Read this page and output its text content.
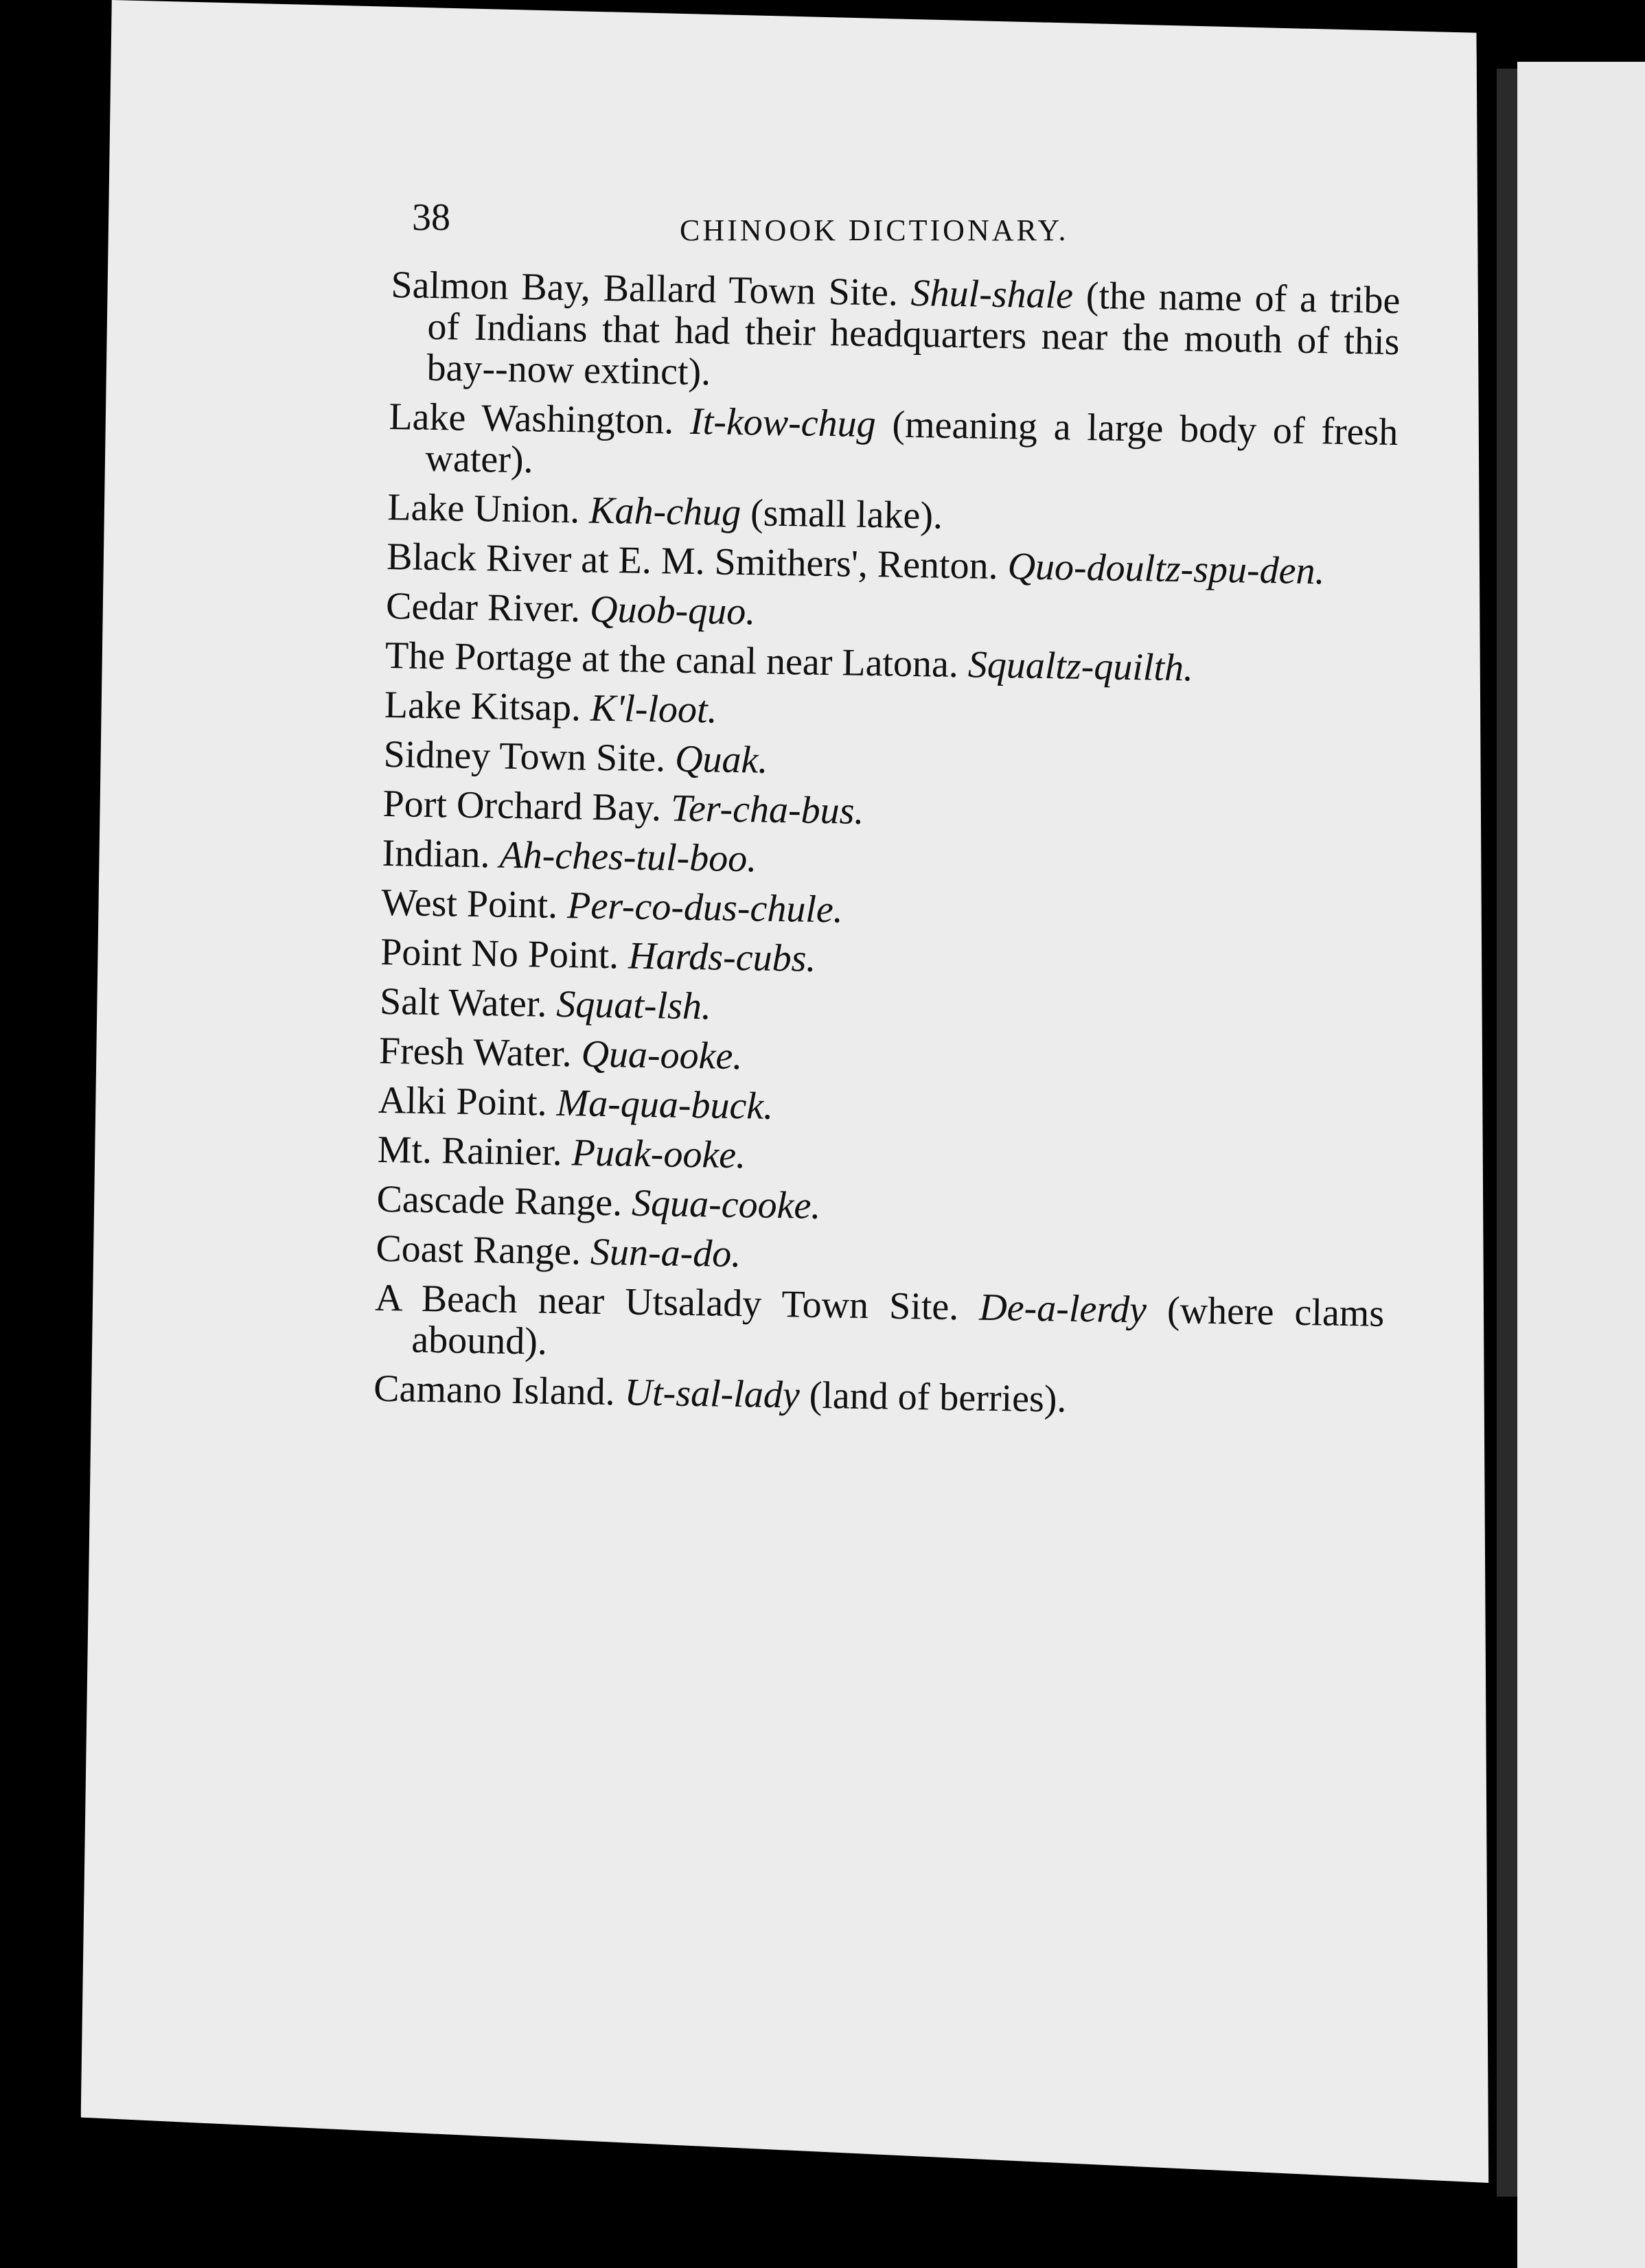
38	CHINOOK DICTIONARY.

Salmon Bay, Ballard Town Site. Shul-shale (the name of a tribe of Indians that had their headquarters near the mouth of this bay--now extinct).

Lake Washington. It-kow-chug (meaning a large body of fresh water).

Lake Union. Kah-chug (small lake).

Black River at E. M. Smithers', Renton. Quo-doultz-spu-den.

Cedar River. Quob-quo.

The Portage at the canal near Latona. Squaltz-quilth.

Lake Kitsap. K'l-loot.

Sidney Town Site. Quak.

Port Orchard Bay. Ter-cha-bus.

Indian. Ah-ches-tul-boo.

West Point. Per-co-dus-chule.

Point No Point. Hards-cubs.

Salt Water. Squat-lsh.

Fresh Water. Qua-ooke.

Alki Point. Ma-qua-buck.

Mt. Rainier. Puak-ooke.

Cascade Range. Squa-cooke.

Coast Range. Sun-a-do.

A Beach near Utsalady Town Site. De-a-lerdy (where clams abound).

Camano Island. Ut-sal-lady (land of berries).
